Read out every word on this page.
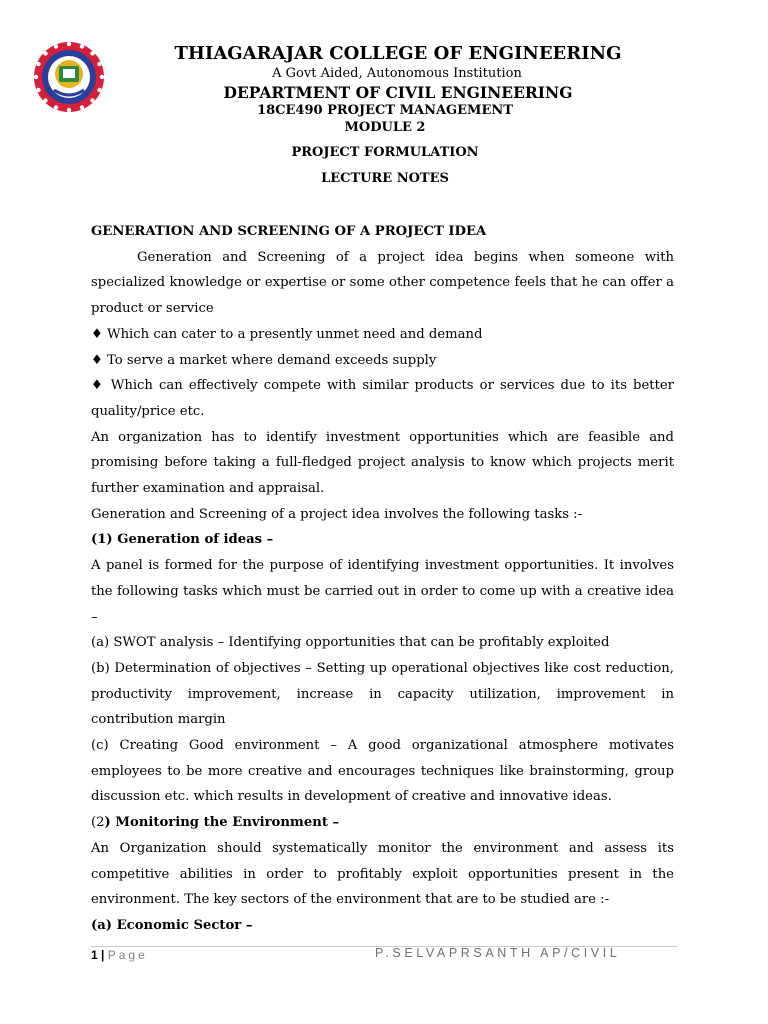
THIAGARAJAR COLLEGE OF ENGINEERING
A Govt Aided, Autonomous Institution
DEPARTMENT OF CIVIL ENGINEERING
18CE490 PROJECT MANAGEMENT
MODULE 2
PROJECT FORMULATION
LECTURE NOTES

GENERATION AND SCREENING OF A PROJECT IDEA

Generation and Screening of a project idea begins when someone with specialized knowledge or expertise or some other competence feels that he can offer a product or service

♦ Which can cater to a presently unmet need and demand

♦ To serve a market where demand exceeds supply

♦ Which can effectively compete with similar products or services due to its better quality/price etc.

An organization has to identify investment opportunities which are feasible and promising before taking a full-fledged project analysis to know which projects merit further examination and appraisal.

Generation and Screening of a project idea involves the following tasks :-

(1) Generation of ideas –

A panel is formed for the purpose of identifying investment opportunities. It involves the following tasks which must be carried out in order to come up with a creative idea –

(a) SWOT analysis – Identifying opportunities that can be profitably exploited

(b) Determination of objectives – Setting up operational objectives like cost reduction, productivity improvement, increase in capacity utilization, improvement in contribution margin

(c) Creating Good environment – A good organizational atmosphere motivates employees to be more creative and encourages techniques like brainstorming, group discussion etc. which results in development of creative and innovative ideas.

(2) Monitoring the Environment –

An Organization should systematically monitor the environment and assess its competitive abilities in order to profitably exploit opportunities present in the environment. The key sectors of the environment that are to be studied are :-

(a) Economic Sector –

1 | Page	P.SELVAPRSANTH AP/CIVIL
